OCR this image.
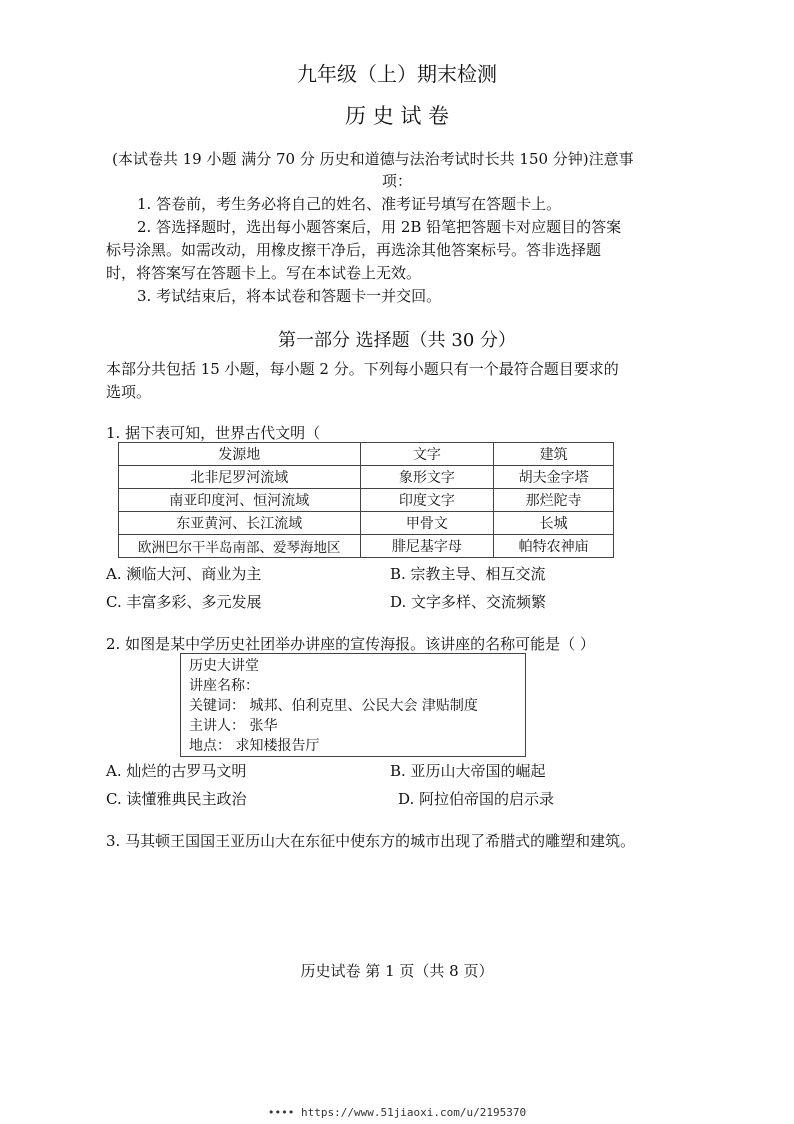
九年级（上）期末检测
历 史 试 卷
(本试卷共 19 小题 满分 70 分 历史和道德与法治考试时长共 150 分钟)注意事
项：
1. 答卷前，考生务必将自己的姓名、准考证号填写在答题卡上。
2. 答选择题时，选出每小题答案后，用 2B 铅笔把答题卡对应题目的答案
标号涂黑。如需改动，用橡皮擦干净后，再选涂其他答案标号。答非选择题
时，将答案写在答题卡上。写在本试卷上无效。
3. 考试结束后，将本试卷和答题卡一并交回。
第一部分 选择题（共 30 分）
本部分共包括 15 小题，每小题 2 分。下列每小题只有一个最符合题目要求的
选项。
1. 据下表可知，世界古代文明（
发源地	文字	建筑
北非尼罗河流域	象形文字	胡夫金字塔
南亚印度河、恒河流域	印度文字	那烂陀寺
东亚黄河、长江流域	甲骨文	长城
欧洲巴尔干半岛南部、爱琴海地区	腓尼基字母	帕特农神庙
A. 濒临大河、商业为主	B. 宗教主导、相互交流
C. 丰富多彩、多元发展	D. 文字多样、交流频繁
2. 如图是某中学历史社团举办讲座的宣传海报。该讲座的名称可能是（ ）
历史大讲堂
讲座名称：
关键词： 城邦、伯利克里、公民大会 津贴制度
主讲人： 张华
地点： 求知楼报告厅
A. 灿烂的古罗马文明	B. 亚历山大帝国的崛起
C. 读懂雅典民主政治	D. 阿拉伯帝国的启示录
3. 马其顿王国国王亚历山大在东征中使东方的城市出现了希腊式的雕塑和建筑。
历史试卷 第 1 页（共 8 页）
•••• https://www.51jiaoxi.com/u/2195370
